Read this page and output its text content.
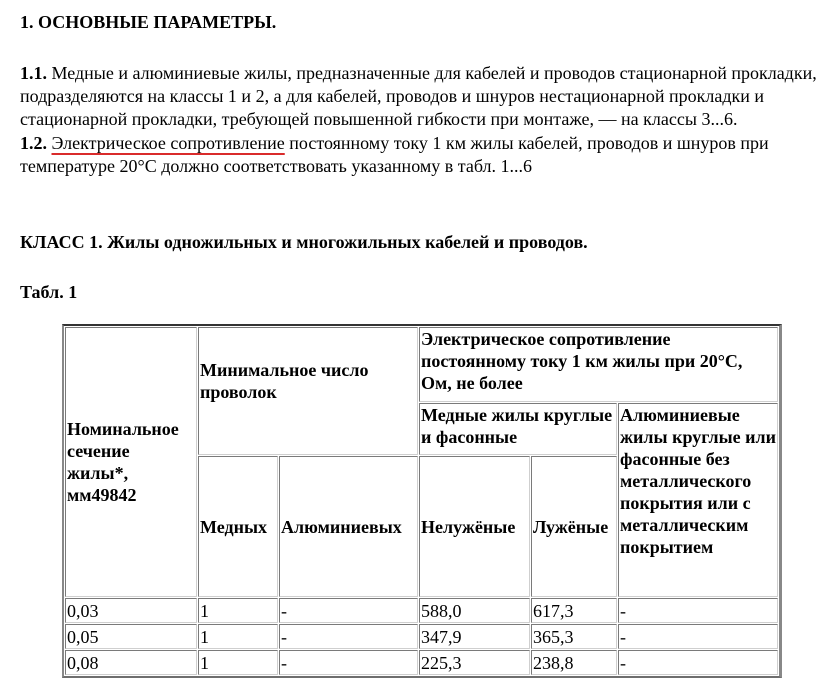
1. ОСНОВНЫЕ ПАРАМЕТРЫ.

1.1. Медные и алюминиевые жилы, предназначенные для кабелей и проводов стационарной прокладки, подразделяются на классы 1 и 2, а для кабелей, проводов и шнуров нестационарной прокладки и стационарной прокладки, требующей повышенной гибкости при монтаже, — на классы 3...6.
1.2. Электрическое сопротивление постоянному току 1 км жилы кабелей, проводов и шнуров при температуре 20°С должно соответствовать указанному в табл. 1...6

КЛАСС 1. Жилы одножильных и многожильных кабелей и проводов.
Табл. 1
Номинальное сечение жилы*, мм49842	Минимальное число проволок		Электрическое сопротивление постоянному току 1 км жилы при 20°С, Ом, не более		
			Медные жилы круглые и фасонные		Алюминиевые жилы круглые или фасонные без металлического покрытия или с металлическим покрытием
	Медных	Алюминиевых	Нелужёные	Лужёные	
0,03	1	-	588,0	617,3	-
0,05	1	-	347,9	365,3	-
0,08	1	-	225,3	238,8	-
